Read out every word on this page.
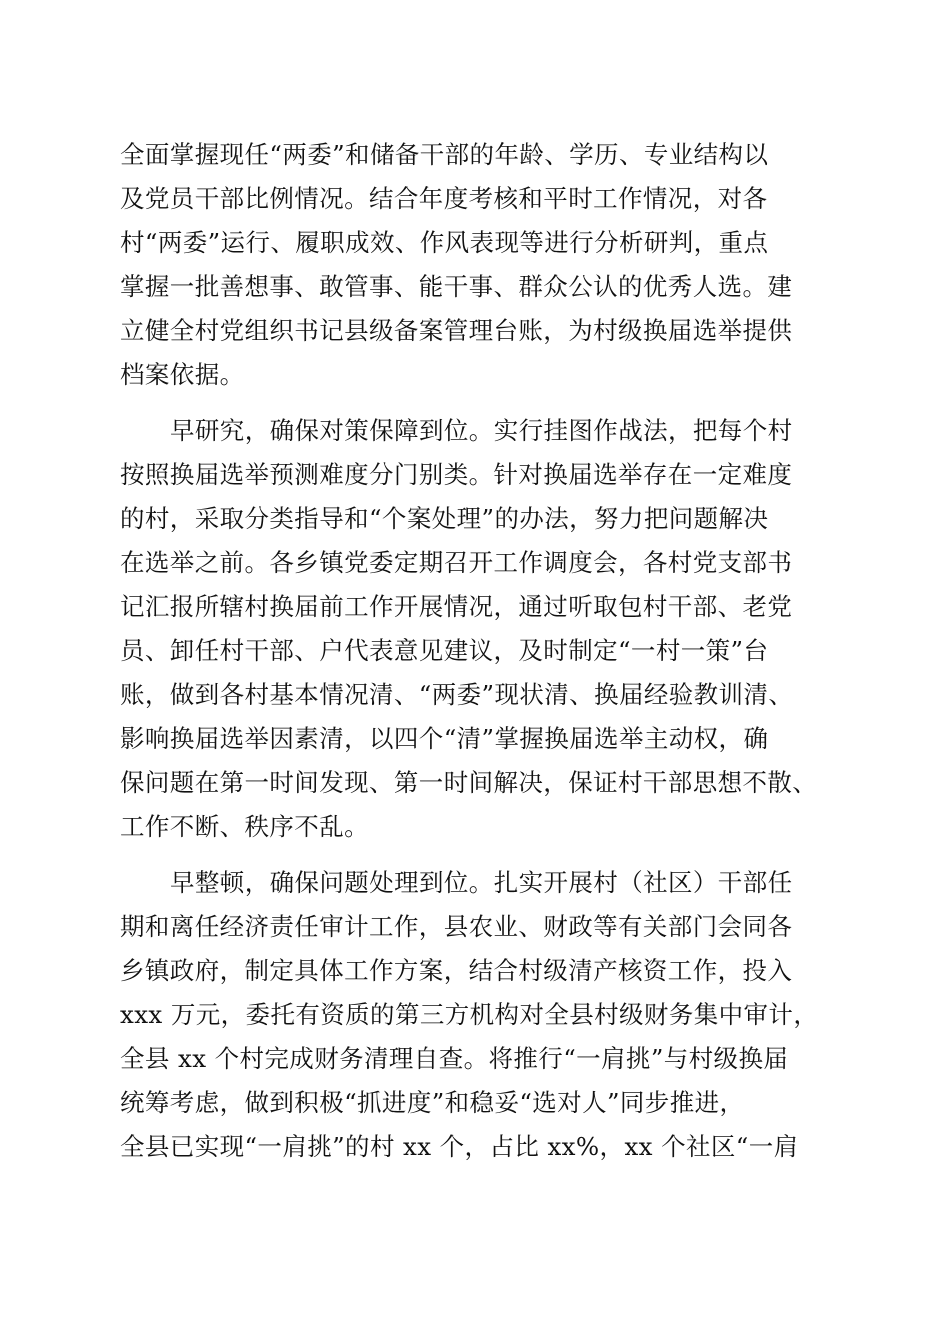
全面掌握现任“两委”和储备干部的年龄、学历、专业结构以
及党员干部比例情况。结合年度考核和平时工作情况，对各
村“两委”运行、履职成效、作风表现等进行分析研判，重点
掌握一批善想事、敢管事、能干事、群众公认的优秀人选。建
立健全村党组织书记县级备案管理台账，为村级换届选举提供
档案依据。
早研究，确保对策保障到位。实行挂图作战法，把每个村
按照换届选举预测难度分门别类。针对换届选举存在一定难度
的村，采取分类指导和“个案处理”的办法，努力把问题解决
在选举之前。各乡镇党委定期召开工作调度会，各村党支部书
记汇报所辖村换届前工作开展情况，通过听取包村干部、老党
员、卸任村干部、户代表意见建议，及时制定“一村一策”台
账，做到各村基本情况清、“两委”现状清、换届经验教训清、
影响换届选举因素清，以四个“清”掌握换届选举主动权，确
保问题在第一时间发现、第一时间解决，保证村干部思想不散、
工作不断、秩序不乱。
早整顿，确保问题处理到位。扎实开展村（社区）干部任
期和离任经济责任审计工作，县农业、财政等有关部门会同各
乡镇政府，制定具体工作方案，结合村级清产核资工作，投入
xxx 万元，委托有资质的第三方机构对全县村级财务集中审计，
全县 xx 个村完成财务清理自查。将推行“一肩挑”与村级换届
统筹考虑，做到积极“抓进度”和稳妥“选对人”同步推进，
全县已实现“一肩挑”的村 xx 个，占比 xx%，xx 个社区“一肩
